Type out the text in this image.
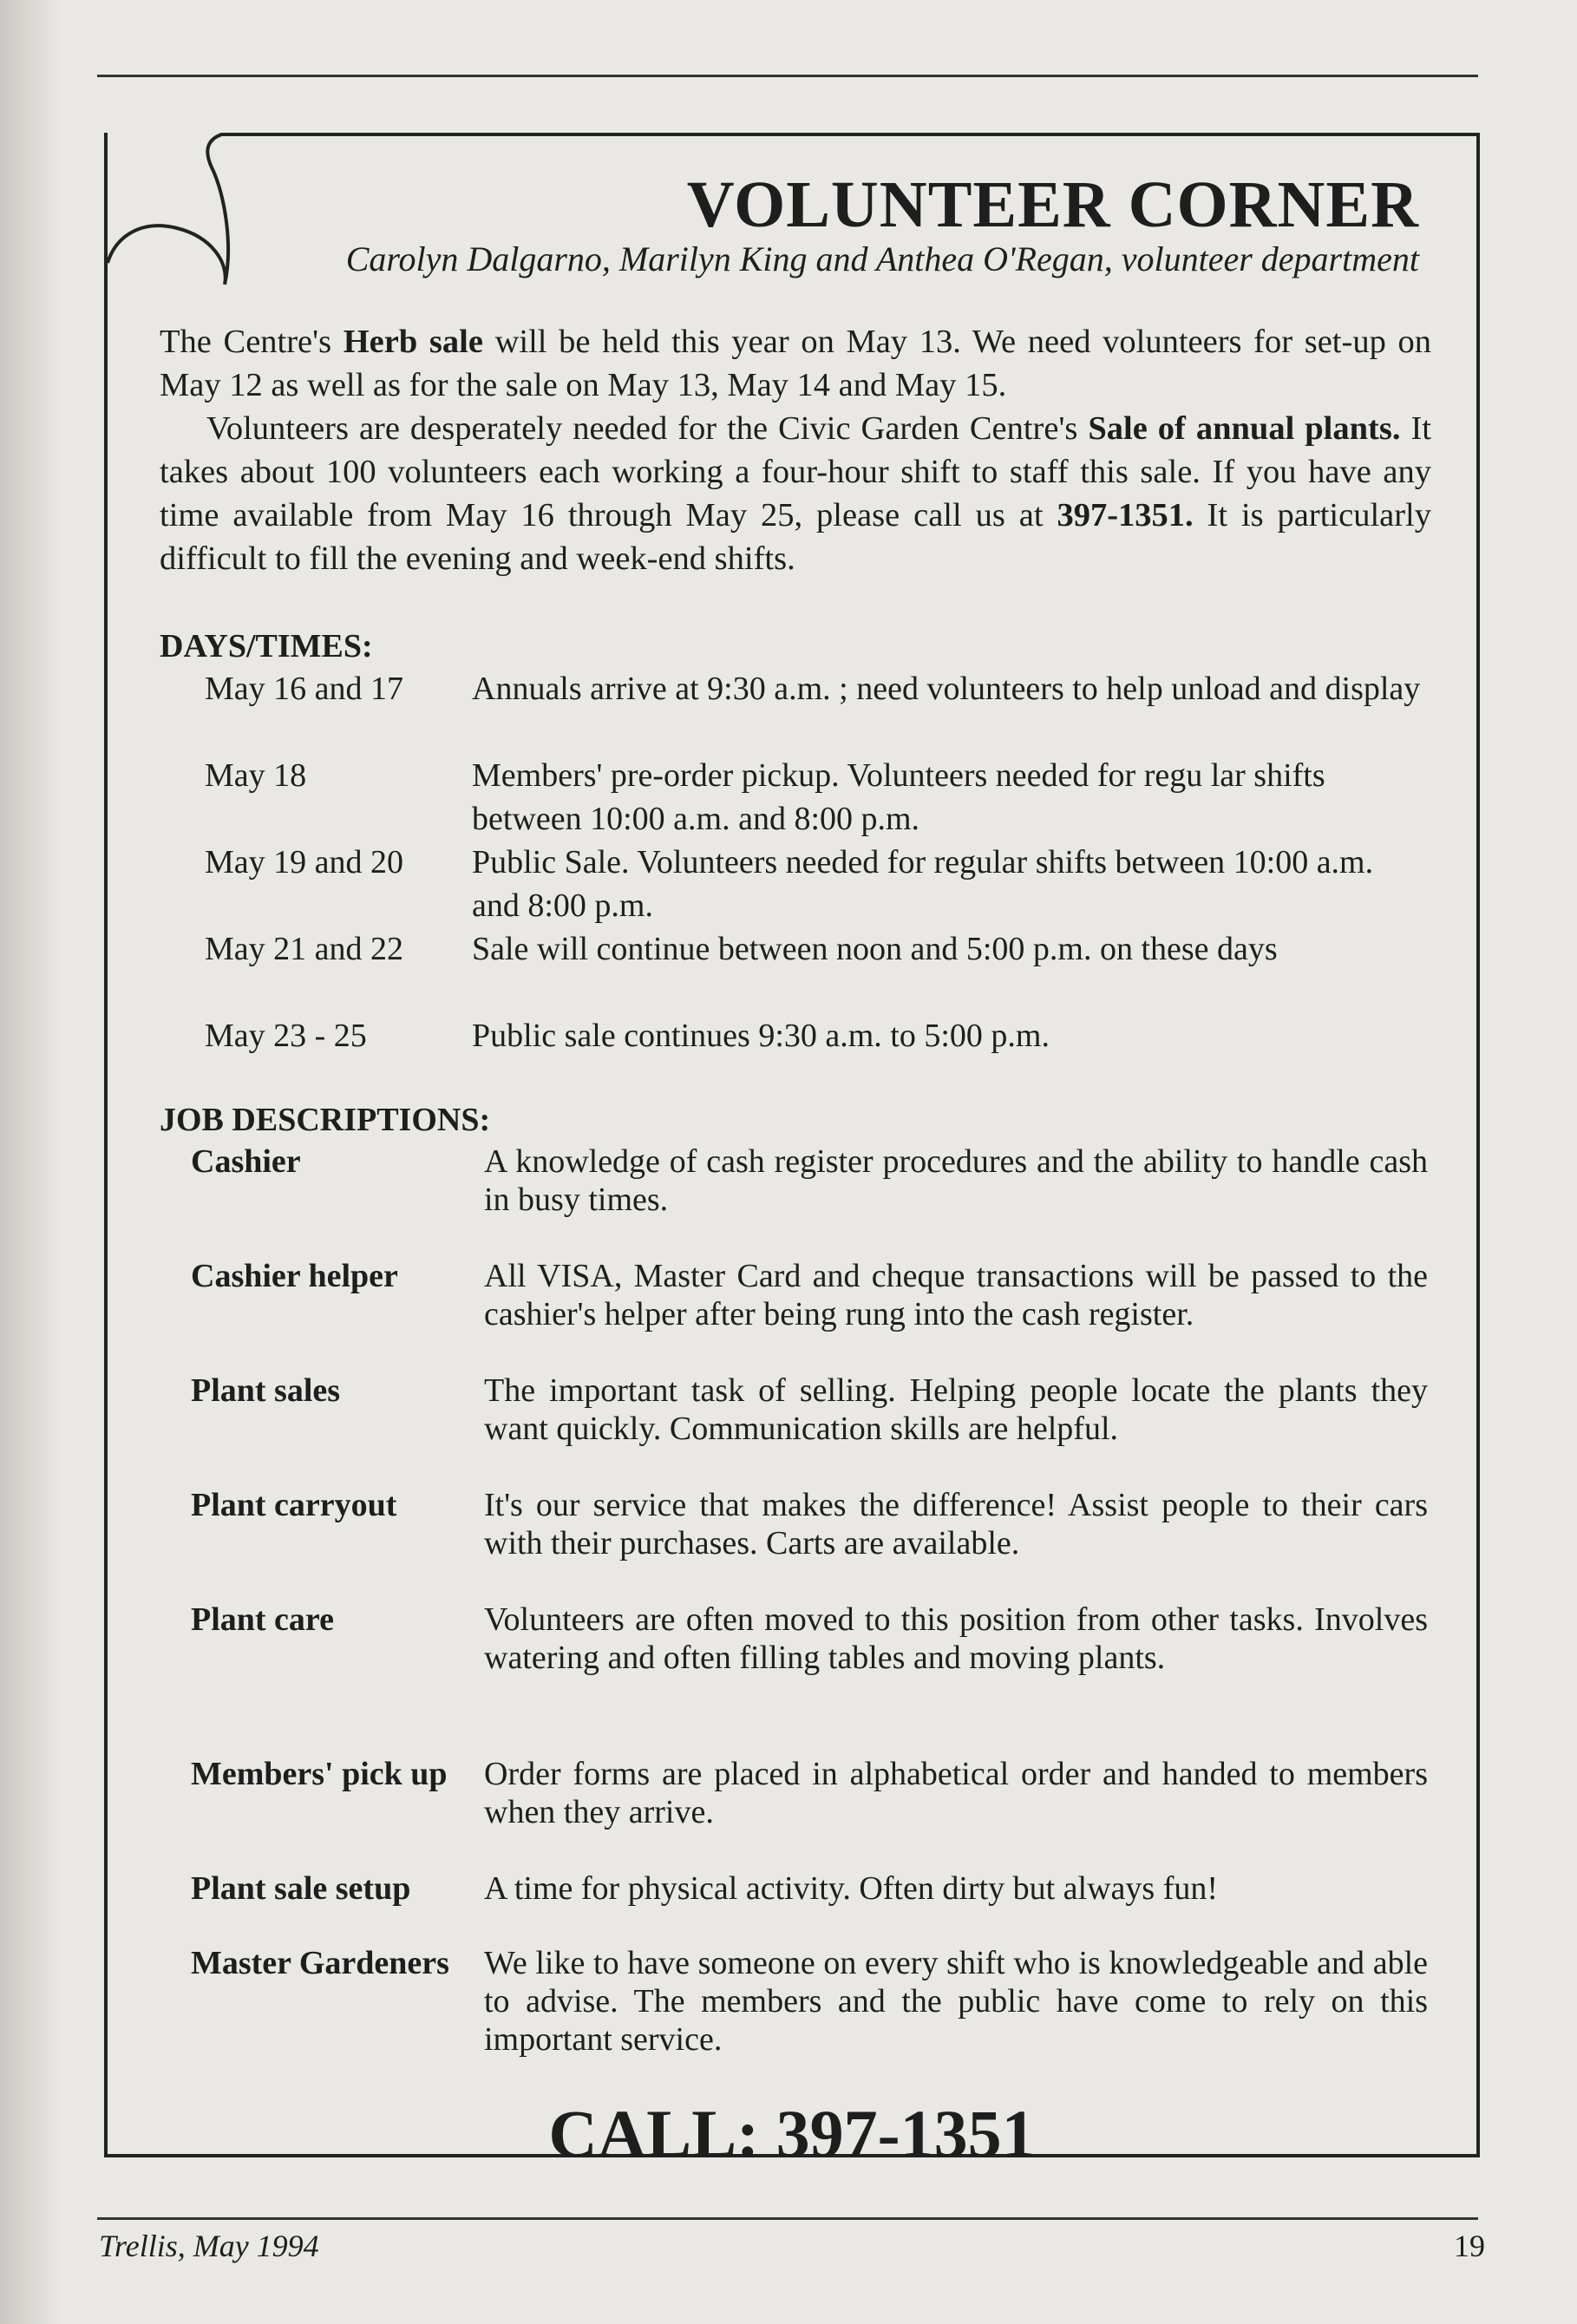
VOLUNTEER CORNER

Carolyn Dalgarno, Marilyn King and Anthea O'Regan, volunteer department

The Centre's Herb sale will be held this year on May 13. We need volunteers for set-up on May 12 as well as for the sale on May 13, May 14 and May 15.

Volunteers are desperately needed for the Civic Garden Centre's Sale of annual plants. It takes about 100 volunteers each working a four-hour shift to staff this sale. If you have any time available from May 16 through May 25, please call us at 397-1351. It is particularly difficult to fill the evening and week-end shifts.

DAYS/TIMES:
May 16 and 17	Annuals arrive at 9:30 a.m. ; need volunteers to help unload and display
May 18	Members' pre-order pickup. Volunteers needed for regu lar shifts between 10:00 a.m. and 8:00 p.m.
May 19 and 20	Public Sale. Volunteers needed for regular shifts between 10:00 a.m. and 8:00 p.m.
May 21 and 22	Sale will continue between noon and 5:00 p.m. on these days
May 23 - 25	Public sale continues 9:30 a.m. to 5:00 p.m.
JOB DESCRIPTIONS:
Cashier	A knowledge of cash register procedures and the ability to handle cash in busy times.
Cashier helper	All VISA, Master Card and cheque transactions will be passed to the cashier's helper after being rung into the cash register.
Plant sales	The important task of selling. Helping people locate the plants they want quickly. Communication skills are helpful.
Plant carryout	It's our service that makes the difference! Assist people to their cars with their purchases. Carts are available.
Plant care	Volunteers are often moved to this position from other tasks. Involves watering and often filling tables and moving plants.
Members' pick up	Order forms are placed in alphabetical order and handed to members when they arrive.
Plant sale setup	A time for physical activity. Often dirty but always fun!
Master Gardeners	We like to have someone on every shift who is knowledgeable and able to advise. The members and the public have come to rely on this important service.

CALL: 397-1351

Trellis, May 1994	19
